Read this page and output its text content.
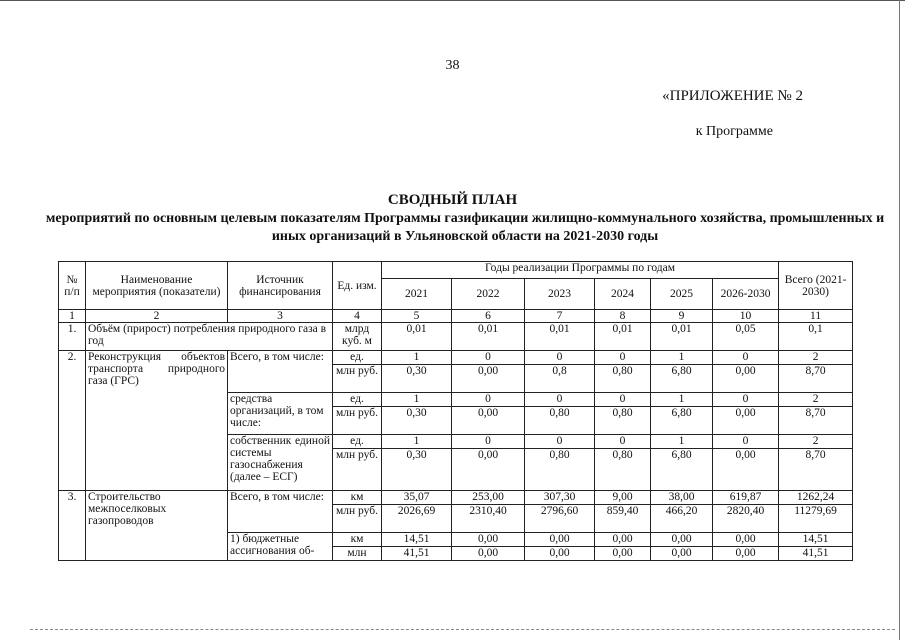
38
«ПРИЛОЖЕНИЕ № 2
к Программе
СВОДНЫЙ ПЛАН
мероприятий по основным целевым показателям Программы газификации жилищно-коммунального хозяйства, промышленных и иных организаций в Ульяновской области на 2021-2030 годы
№ п/п	Наименование мероприятия (показатели)	Источник финансирования	Ед. изм.	Годы реализации Программы по годам						Всего (2021-2030)
				2021	2022	2023	2024	2025	2026-2030	
1	2	3	4	5	6	7	8	9	10	11
1.	Объём (прирост) потребления природного газа в год		млрд куб. м	0,01	0,01	0,01	0,01	0,01	0,05	0,1
2.	Реконструкция объектов транспорта природного газа (ГРС)	Всего, в том числе:	ед.	1	0	0	0	1	0	2
			млн руб.	0,30	0,00	0,8	0,80	6,80	0,00	8,70
		средства организаций, в том числе:	ед.	1	0	0	0	1	0	2
			млн руб.	0,30	0,00	0,80	0,80	6,80	0,00	8,70
		собственник единой системы газоснабжения (далее – ЕСГ)	ед.	1	0	0	0	1	0	2
			млн руб.	0,30	0,00	0,80	0,80	6,80	0,00	8,70
3.	Строительство межпоселковых газопроводов	Всего, в том числе:	км	35,07	253,00	307,30	9,00	38,00	619,87	1262,24
			млн руб.	2026,69	2310,40	2796,60	859,40	466,20	2820,40	11279,69
		1) бюджетные ассигнования об-	км	14,51	0,00	0,00	0,00	0,00	0,00	14,51
			млн	41,51	0,00	0,00	0,00	0,00	0,00	41,51
